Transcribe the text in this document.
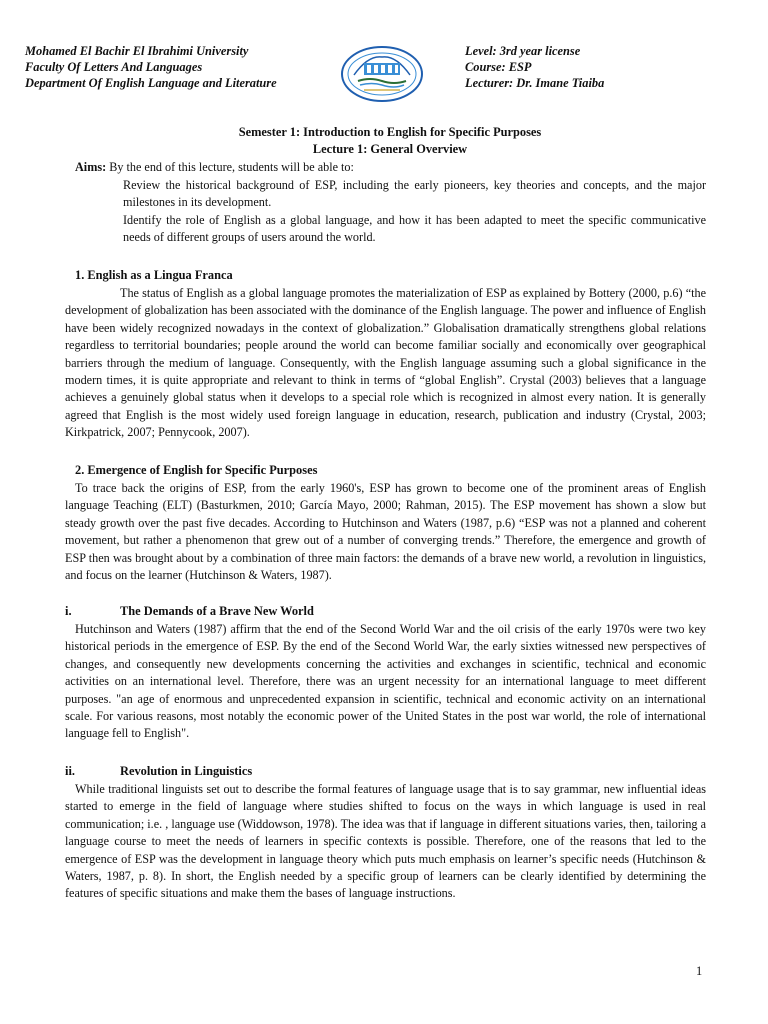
Mohamed El Bachir El Ibrahimi University
Faculty Of Letters And Languages
Department Of English Language and Literature
Level: 3rd year license
Course: ESP
Lecturer: Dr. Imane Tiaiba
Semester 1: Introduction to English for Specific Purposes
Lecture 1: General Overview
Aims: By the end of this lecture, students will be able to:
Review the historical background of ESP, including the early pioneers, key theories and concepts, and the major milestones in its development.
Identify the role of English as a global language, and how it has been adapted to meet the specific communicative needs of different groups of users around the world.
1. English as a Lingua Franca
The status of English as a global language promotes the materialization of ESP as explained by Bottery (2000, p.6) “the development of globalization has been associated with the dominance of the English language. The power and influence of English have been widely recognized nowadays in the context of globalization.” Globalisation dramatically strengthens global relations regardless to territorial boundaries; people around the world can become familiar socially and economically over geographical barriers through the medium of language. Consequently, with the English language assuming such a global significance in the modern times, it is quite appropriate and relevant to think in terms of “global English”. Crystal (2003) believes that a language achieves a genuinely global status when it develops to a special role which is recognized in almost every nation. It is generally agreed that English is the most widely used foreign language in education, research, publication and industry (Crystal, 2003; Kirkpatrick, 2007; Pennycook, 2007).
2. Emergence of English for Specific Purposes
To trace back the origins of ESP, from the early 1960's, ESP has grown to become one of the prominent areas of English language Teaching (ELT) (Basturkmen, 2010; García Mayo, 2000; Rahman, 2015). The ESP movement has shown a slow but steady growth over the past five decades. According to Hutchinson and Waters (1987, p.6) “ESP was not a planned and coherent movement, but rather a phenomenon that grew out of a number of converging trends.” Therefore, the emergence and growth of ESP then was brought about by a combination of three main factors: the demands of a brave new world, a revolution in linguistics, and focus on the learner (Hutchinson & Waters, 1987).
i.	The Demands of a Brave New World
Hutchinson and Waters (1987) affirm that the end of the Second World War and the oil crisis of the early 1970s were two key historical periods in the emergence of ESP. By the end of the Second World War, the early sixties witnessed new perspectives of changes, and consequently new developments concerning the activities and exchanges in scientific, technical and economic activities on an international level. Therefore, there was an urgent necessity for an international language to meet different purposes. "an age of enormous and unprecedented expansion in scientific, technical and economic activity on an international scale. For various reasons, most notably the economic power of the United States in the post war world, the role of international language fell to English".
ii.	Revolution in Linguistics
While traditional linguists set out to describe the formal features of language usage that is to say grammar, new influential ideas started to emerge in the field of language where studies shifted to focus on the ways in which language is used in real communication; i.e. , language use (Widdowson, 1978). The idea was that if language in different situations varies, then, tailoring a language course to meet the needs of learners in specific contexts is possible. Therefore, one of the reasons that led to the emergence of ESP was the development in language theory which puts much emphasis on learner’s specific needs (Hutchinson & Waters, 1987, p. 8). In short, the English needed by a specific group of learners can be clearly identified by determining the features of specific situations and make them the bases of language instructions.
1
